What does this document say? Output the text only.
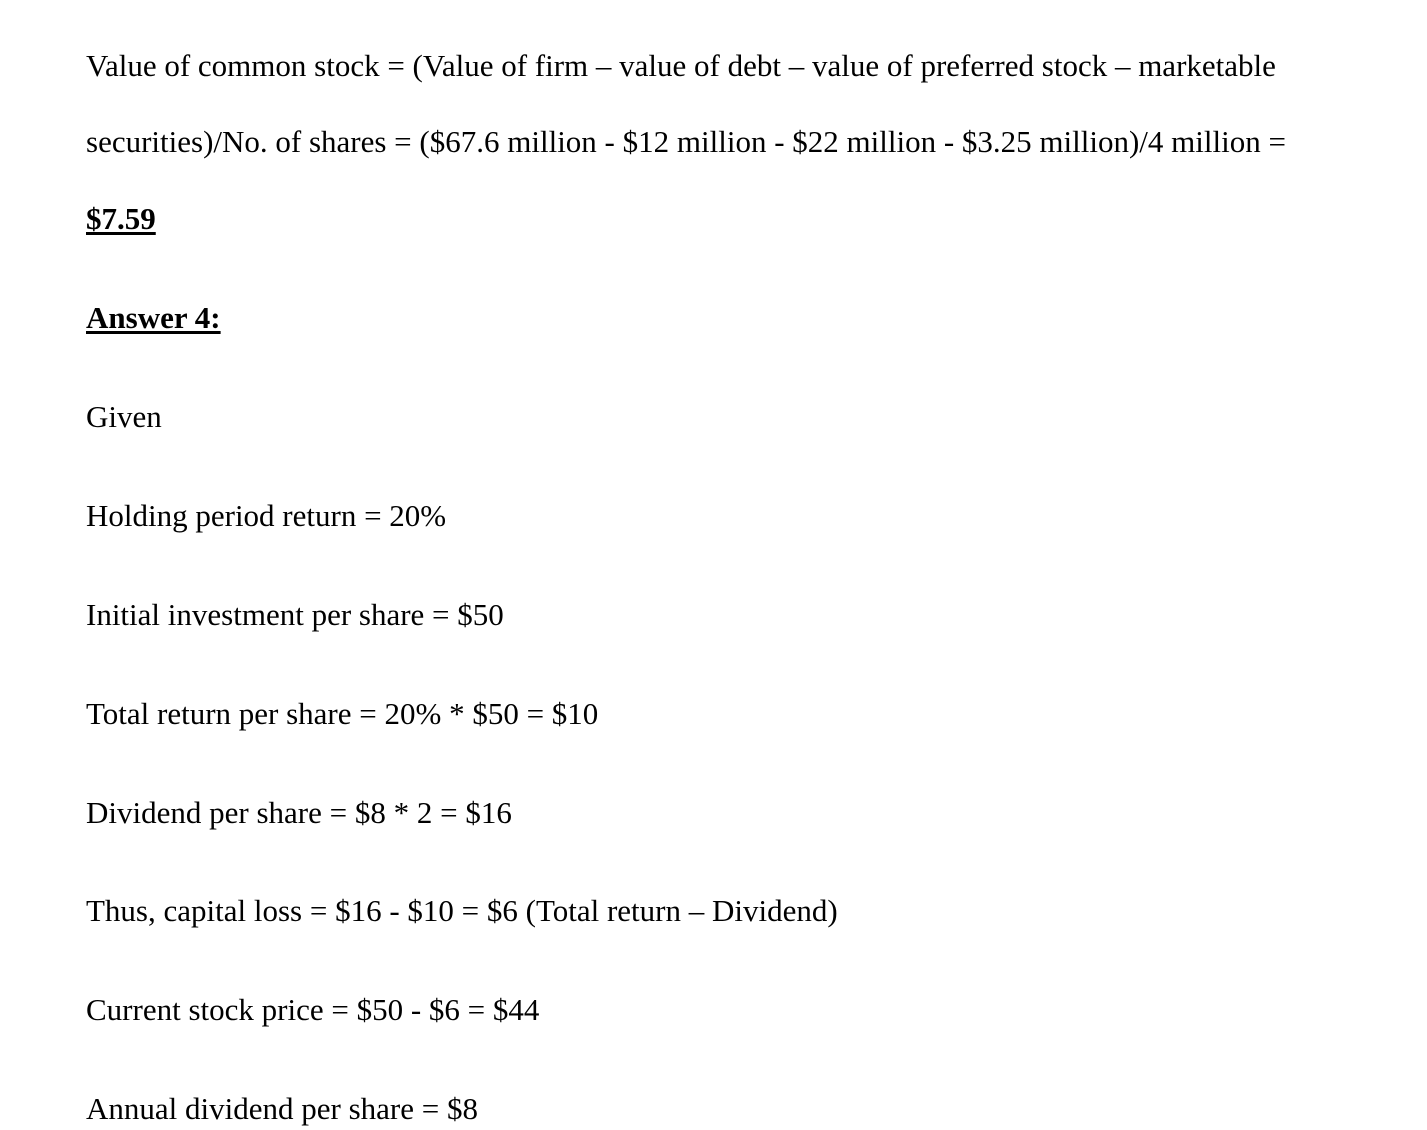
Value of common stock = (Value of firm – value of debt – value of preferred stock – marketable

securities)/No. of shares = ($67.6 million - $12 million - $22 million - $3.25 million)/4 million =

$7.59

Answer 4:

Given

Holding period return = 20%

Initial investment per share = $50

Total return per share = 20% * $50 = $10

Dividend per share = $8 * 2 = $16

Thus, capital loss = $16 - $10 = $6 (Total return – Dividend)

Current stock price = $50 - $6 = $44

Annual dividend per share = $8
